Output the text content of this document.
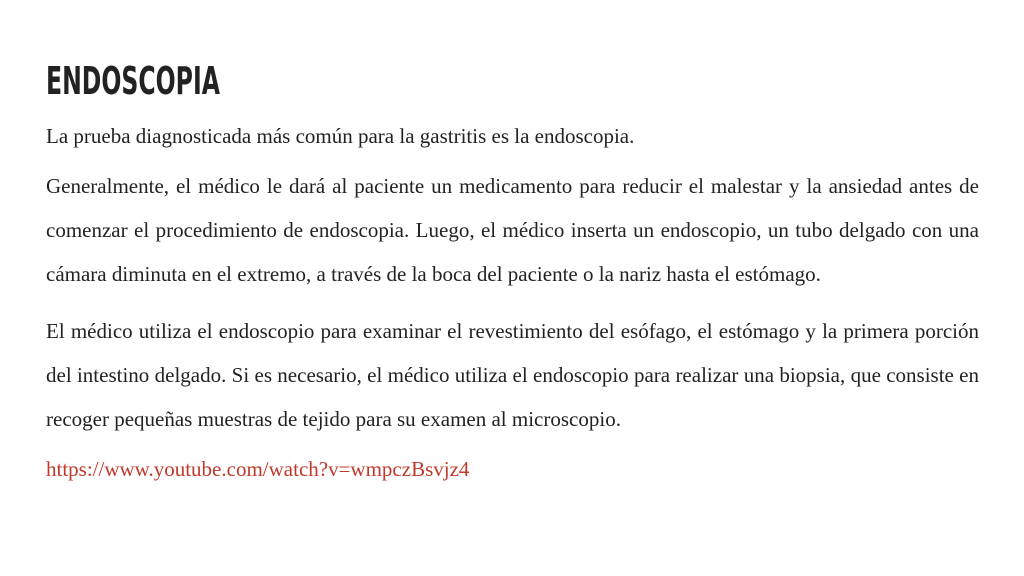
ENDOSCOPIA

La prueba diagnosticada más común para la gastritis es la endoscopia.

Generalmente, el médico le dará al paciente un medicamento para reducir el malestar y la ansiedad antes de comenzar el procedimiento de endoscopia. Luego, el médico inserta un endoscopio, un tubo delgado con una cámara diminuta en el extremo, a través de la boca del paciente o la nariz hasta el estómago.

El médico utiliza el endoscopio para examinar el revestimiento del esófago, el estómago y la primera porción del intestino delgado. Si es necesario, el médico utiliza el endoscopio para realizar una biopsia, que consiste en recoger pequeñas muestras de tejido para su examen al microscopio.

https://www.youtube.com/watch?v=wmpczBsvjz4
